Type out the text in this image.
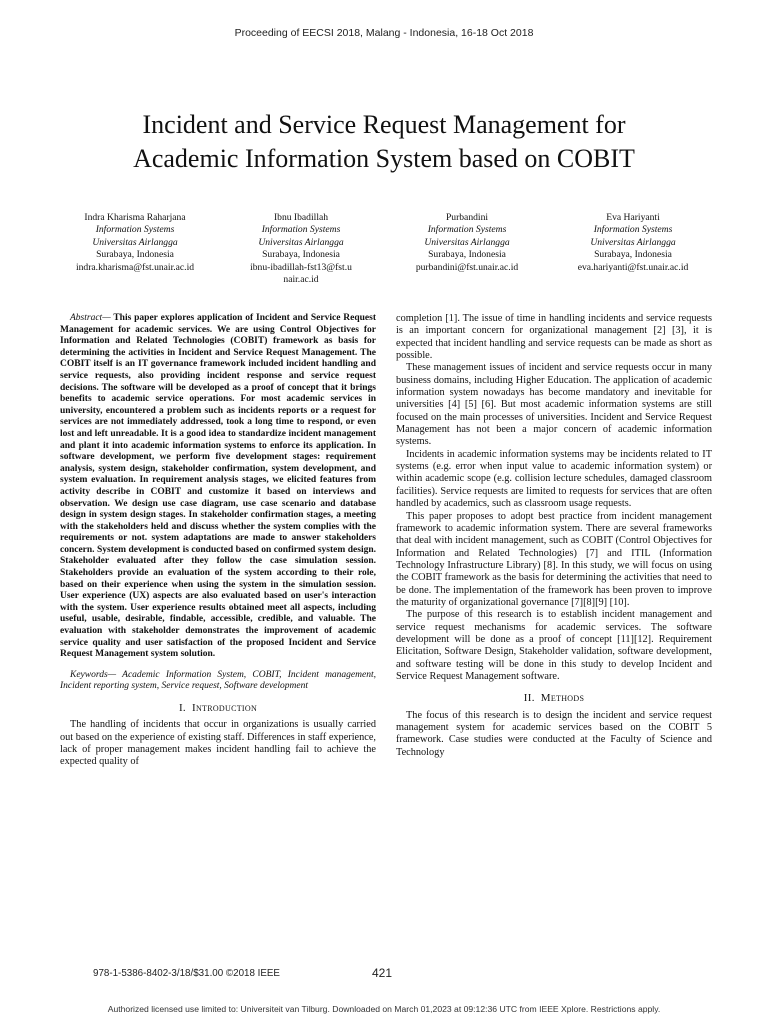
Proceeding of EECSI 2018, Malang - Indonesia, 16-18 Oct 2018
Incident and Service Request Management for
Academic Information System based on COBIT
Indra Kharisma Raharjana
Information Systems
Universitas Airlangga
Surabaya, Indonesia
indra.kharisma@fst.unair.ac.id
Ibnu Ibadillah
Information Systems
Universitas Airlangga
Surabaya, Indonesia
ibnu-ibadillah-fst13@fst.unair.ac.id
Purbandini
Information Systems
Universitas Airlangga
Surabaya, Indonesia
purbandini@fst.unair.ac.id
Eva Hariyanti
Information Systems
Universitas Airlangga
Surabaya, Indonesia
eva.hariyanti@fst.unair.ac.id

Abstract— This paper explores application of Incident and Service Request Management for academic services. We are using Control Objectives for Information and Related Technologies (COBIT) framework as basis for determining the activities in Incident and Service Request Management. The COBIT itself is an IT governance framework included incident handling and service requests, also providing incident response and service request decisions. The software will be developed as a proof of concept that it brings benefits to academic service operations. For most academic services in university, encountered a problem such as incidents reports or a request for services are not immediately addressed, took a long time to respond, or even lost and left unreadable. It is a good idea to standardize incident management and plant it into academic information systems to enforce its application. In software development, we perform five development stages: requirement analysis, system design, stakeholder confirmation, system development, and system evaluation. In requirement analysis stages, we elicited features from activity describe in COBIT and customize it based on interviews and observation. We design use case diagram, use case scenario and database design in system design stages. In stakeholder confirmation stages, a meeting with the stakeholders held and discuss whether the system complies with the requirements or not. system adaptations are made to answer stakeholders concern. System development is conducted based on confirmed system design. Stakeholder evaluated after they follow the case simulation session. Stakeholders provide an evaluation of the system according to their role, based on their experience when using the system in the simulation session. User experience (UX) aspects are also evaluated based on user's interaction with the system. User experience results obtained meet all aspects, including useful, usable, desirable, findable, accessible, credible, and valuable. The evaluation with stakeholder demonstrates the improvement of academic service quality and user satisfaction of the proposed Incident and Service Request Management system solution.

Keywords— Academic Information System, COBIT, Incident management, Incident reporting system, Service request, Software development

I. Introduction

The handling of incidents that occur in organizations is usually carried out based on the experience of existing staff. Differences in staff experience, lack of proper management makes incident handling fail to achieve the expected quality of

completion [1]. The issue of time in handling incidents and service requests is an important concern for organizational management [2] [3], it is expected that incident handling and service requests can be made as short as possible.

These management issues of incident and service requests occur in many business domains, including Higher Education. The application of academic information system nowadays has become mandatory and inevitable for universities [4] [5] [6]. But most academic information systems are still focused on the main processes of universities. Incident and Service Request Management has not been a major concern of academic information systems.

Incidents in academic information systems may be incidents related to IT systems (e.g. error when input value to academic information system) or within academic scope (e.g. collision lecture schedules, damaged classroom facilities). Service requests are limited to requests for services that are often handled by academics, such as classroom usage requests.

This paper proposes to adopt best practice from incident management framework to academic information system. There are several frameworks that deal with incident management, such as COBIT (Control Objectives for Information and Related Technologies) [7] and ITIL (Information Technology Infrastructure Library) [8]. In this study, we will focus on using the COBIT framework as the basis for determining the activities that need to be done. The implementation of the framework has been proven to improve the maturity of organizational governance [7][8][9] [10].

The purpose of this research is to establish incident management and service request mechanisms for academic services. The software development will be done as a proof of concept [11][12]. Requirement Elicitation, Software Design, Stakeholder validation, software development, and software testing will be done in this study to develop Incident and Service Request Management software.

II. Methods

The focus of this research is to design the incident and service request management system for academic services based on the COBIT 5 framework. Case studies were conducted at the Faculty of Science and Technology

978-1-5386-8402-3/18/$31.00 ©2018 IEEE	421
Authorized licensed use limited to: Universiteit van Tilburg. Downloaded on March 01,2023 at 09:12:36 UTC from IEEE Xplore. Restrictions apply.
